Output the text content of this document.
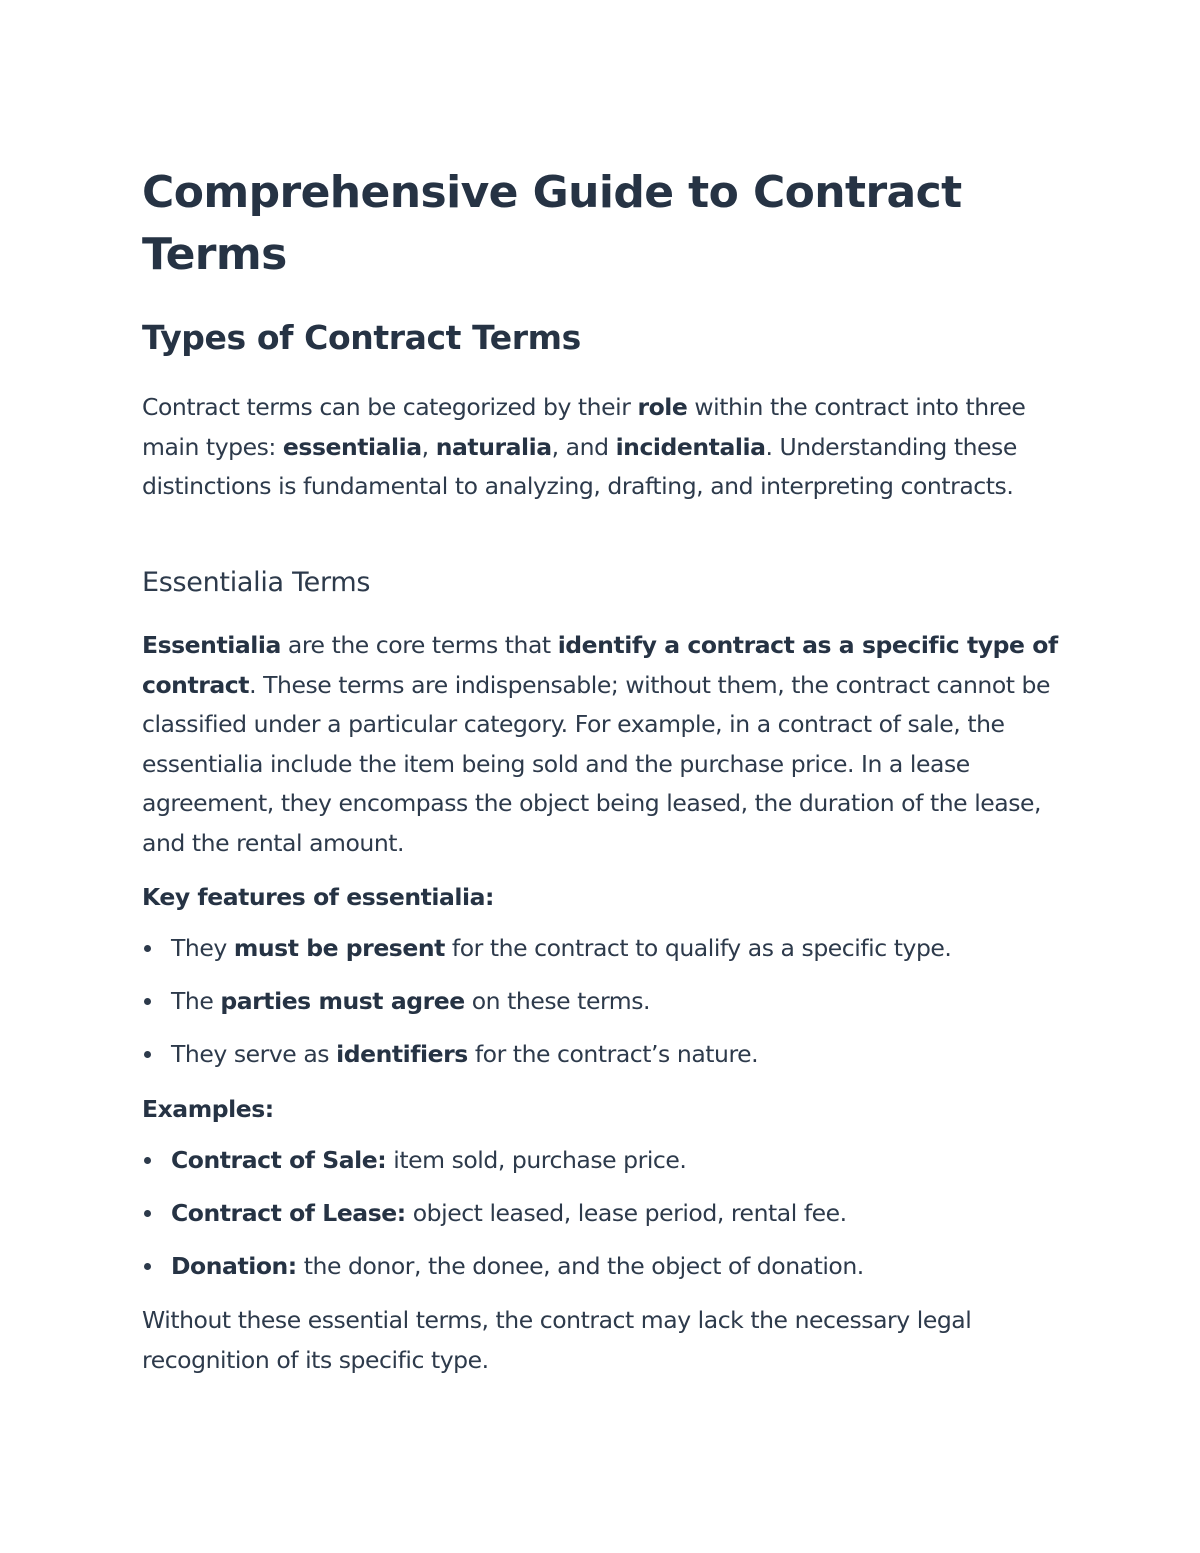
Comprehensive Guide to Contract Terms
Types of Contract Terms

Contract terms can be categorized by their role within the contract into three main types: essentialia, naturalia, and incidentalia. Understanding these distinctions is fundamental to analyzing, drafting, and interpreting contracts.

Essentialia Terms

Essentialia are the core terms that identify a contract as a specific type of contract. These terms are indispensable; without them, the contract cannot be classified under a particular category. For example, in a contract of sale, the essentialia include the item being sold and the purchase price. In a lease agreement, they encompass the object being leased, the duration of the lease, and the rental amount.

Key features of essentialia:

They must be present for the contract to qualify as a specific type.
The parties must agree on these terms.
They serve as identifiers for the contract’s nature.

Examples:

Contract of Sale: item sold, purchase price.
Contract of Lease: object leased, lease period, rental fee.
Donation: the donor, the donee, and the object of donation.

Without these essential terms, the contract may lack the necessary legal recognition of its specific type.
